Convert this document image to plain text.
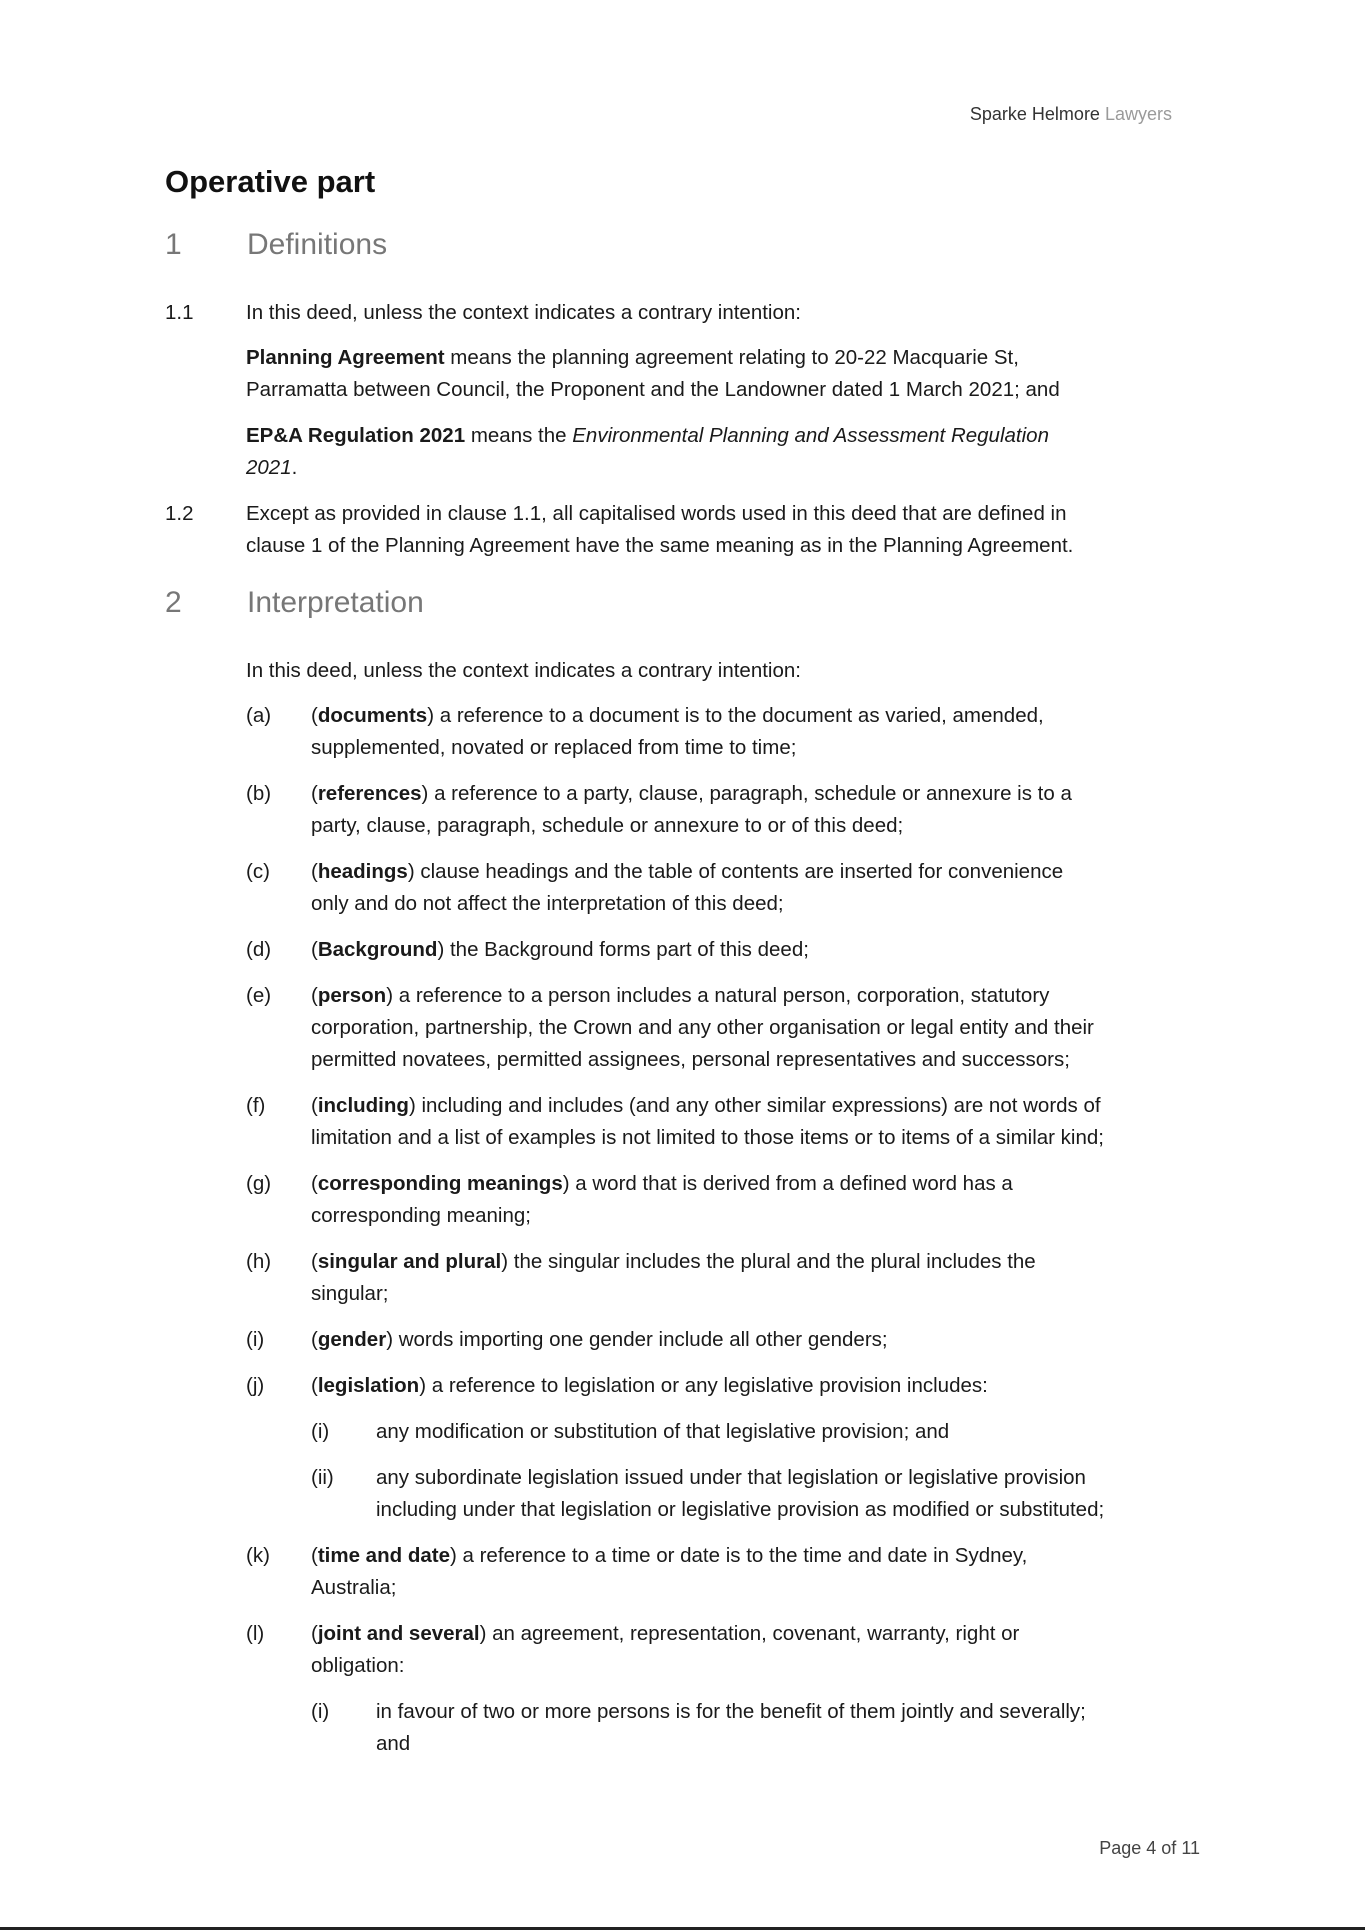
Sparke Helmore Lawyers
Operative part
1 Definitions
1.1	In this deed, unless the context indicates a contrary intention:
Planning Agreement means the planning agreement relating to 20-22 Macquarie St,
Parramatta between Council, the Proponent and the Landowner dated 1 March 2021; and
EP&A Regulation 2021 means the Environmental Planning and Assessment Regulation
2021.
1.2	Except as provided in clause 1.1, all capitalised words used in this deed that are defined in
clause 1 of the Planning Agreement have the same meaning as in the Planning Agreement.
2 Interpretation
In this deed, unless the context indicates a contrary intention:
(a) (documents) a reference to a document is to the document as varied, amended,
supplemented, novated or replaced from time to time;
(b) (references) a reference to a party, clause, paragraph, schedule or annexure is to a
party, clause, paragraph, schedule or annexure to or of this deed;
(c) (headings) clause headings and the table of contents are inserted for convenience
only and do not affect the interpretation of this deed;
(d) (Background) the Background forms part of this deed;
(e) (person) a reference to a person includes a natural person, corporation, statutory
corporation, partnership, the Crown and any other organisation or legal entity and their
permitted novatees, permitted assignees, personal representatives and successors;
(f) (including) including and includes (and any other similar expressions) are not words of
limitation and a list of examples is not limited to those items or to items of a similar kind;
(g) (corresponding meanings) a word that is derived from a defined word has a
corresponding meaning;
(h) (singular and plural) the singular includes the plural and the plural includes the
singular;
(i) (gender) words importing one gender include all other genders;
(j) (legislation) a reference to legislation or any legislative provision includes:
(i) any modification or substitution of that legislative provision; and
(ii) any subordinate legislation issued under that legislation or legislative provision
including under that legislation or legislative provision as modified or substituted;
(k) (time and date) a reference to a time or date is to the time and date in Sydney,
Australia;
(l) (joint and several) an agreement, representation, covenant, warranty, right or
obligation:
(i) in favour of two or more persons is for the benefit of them jointly and severally;
and
Page 4 of 11
